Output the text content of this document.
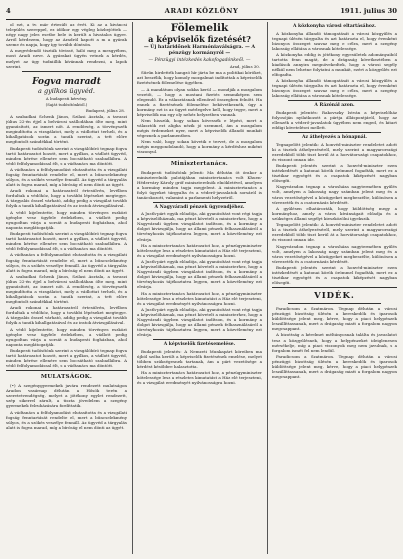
4	ARADI KÖZLÖNY	1911. julius 30

ol ezt, a tv. már értesült az évét. Ki az a kiváncsi település szereppel, ez időkor egy végleg közbejöttek — négy nagy jeles esetbe bele is került a hivatalos ügyre. Arról kérdezem, hogy az Aradról kapott a m a gyárak szeme és napja, hogy így tovább döntsön.

A megvédendő tiszták tövissé, háló meg a mesgyében, most Aradi neve. A gyárakat ügyén vetnek a kérdés, melyet az ügy tudniillik kívánnak rendezni, a lapok szerint.

Fogva maradt
a gyilkos ügyvéd.
A budapesti kérvény.
(Saját tudósítónktól.)
Budapest, július 28.

A szabadkai Schenk János, Szilasi Asztala, a tavaszi július 22-én éjjel a belvárosi szállodában ölte meg, mint gyanúsított, az ismert nőt. A rendőrség, a törvényszék megindította a vizsgálatot, mely a vádlottat terheli, és a kihallgatások során a tanúk szerint, a tett előre megfontolt szándékkal történt.

Budapesti tudósítónk szerint a vizsgálóbíró tegnap fogva tartó határozatot hozott, mert a gyilkos, a vádlott ügyvéd, minden kérése ellenére sem bocsátható szabadlábra. A védő felfolyamodással élt, s a vádtanács ma döntött.

A vádtanács a felfolyamodást elutasította és a vizsgálati fogság fenntartását rendelte el, mert a bűncselekmény súlyos, és a szökés veszélye fennáll. Az ügyvéd a tárgyalás alatt is fogva marad, míg a bíróság el nem dönti az ügyét.

Aradi rokonai a határozatról értesülvén, levélben fordultak a védőhöz, hogy a további lépéseket megtegye. A tárgyalás ősszel várható, addig pedig a vizsgálat tovább folyik a tanúk kihallgatásával és az iratok átvizsgálásával.

A védő kijelentette, hogy minden törvényes eszközt igénybe vesz ügyfele érdekében, a vádlott pedig nyugodtan várja a sorsát a budapesti fogházban, ahol naponta meglátogatják.

Budapesti tudósítónk szerint a vizsgálóbíró tegnap fogva tartó határozatot hozott, mert a gyilkos, a vádlott ügyvéd, minden kérése ellenére sem bocsátható szabadlábra. A védő felfolyamodással élt, s a vádtanács ma döntött.

A vádtanács a felfolyamodást elutasította és a vizsgálati fogság fenntartását rendelte el, mert a bűncselekmény súlyos, és a szökés veszélye fennáll. Az ügyvéd a tárgyalás alatt is fogva marad, míg a bíróság el nem dönti az ügyét.

A szabadkai Schenk János, Szilasi Asztala, a tavaszi július 22-én éjjel a belvárosi szállodában ölte meg, mint gyanúsított, az ismert nőt. A rendőrség, a törvényszék megindította a vizsgálatot, mely a vádlottat terheli, és a kihallgatások során a tanúk szerint, a tett előre megfontolt szándékkal történt.

Aradi rokonai a határozatról értesülvén, levélben fordultak a védőhöz, hogy a további lépéseket megtegye. A tárgyalás ősszel várható, addig pedig a vizsgálat tovább folyik a tanúk kihallgatásával és az iratok átvizsgálásával.

A védő kijelentette, hogy minden törvényes eszközt igénybe vesz ügyfele érdekében, a vádlott pedig nyugodtan várja a sorsát a budapesti fogházban, ahol naponta meglátogatják.

Budapesti tudósítónk szerint a vizsgálóbíró tegnap fogva tartó határozatot hozott, mert a gyilkos, a vádlott ügyvéd, minden kérése ellenére sem bocsátható szabadlábra. A védő felfolyamodással élt, s a vádtanács ma döntött.

MULATSÁGOK.

(•) A szegénygyermekek javára rendezett mulatságon Aradon vasárnap délután a Hősök terén a szeretetvendégség, melyet a jótékony egylet rendezett, szép sikerrel zárult, a tiszta jövedelem a szegény gyermekek felruházására fordíttatik.

A vádtanács a felfolyamodást elutasította és a vizsgálati fogság fenntartását rendelte el, mert a bűncselekmény súlyos, és a szökés veszélye fennáll. Az ügyvéd a tárgyalás alatt is fogva marad, míg a bíróság el nem dönti az ügyét.

Fölemelik
a képviselők fizetését?
— Új határidőnek Harmóniaválságra. — A pénzügy kormányról —
— Pénzügyi intézkedés kakofogadónkeől. —
Arad, július 30.

Sűrűn hirdették hangzó hír járta be ma a politikai köröket, azt beszélik, hogy komoly mozgalmat indítottak a képviselők fizetésének fölemelése ügyében.

— A mandátum olyan sokba kerül — mondják a mozgalom vezetői, — hogy a mostani fizetés semmiképen sem elegendő. Ez a választásnak ellenőrző összegben felnőtt. Ha ennek a fizetésének fölemelése bekövetkeznék, úgy a kormány ezt is az ügyet mérlegelve kell, hogy tegye, mert a képviselők ma egy oly nehéz helyzetben vannak.

Nem hisszük, hogy sokan kövessék e lépést, mert a választók ezt aligha nézik jó szemmel, ám a mozgalom mégis érdemeket nyer, mert a képviselők állandó munkát végeznek a parlamentben.

Nem való, hogy sokan követik e tervet, de a mozgalom mégis meggondolandó, hogy a kormány a kérdéshez miként viszonyul.

Minisztertanács.

Budapesti tudósítónk jelenti: Ma délután öt órakor a miniszterelnök palotájában minisztertanács volt Khuen-Héderváry Károly gróf miniszterelnök elnökletével, amelyen a kormány minden tagja megjelent. A minisztertanács a folyó ügyeket tárgyalta és a véderő-javaslatok sorsáról is tanácskozott, valamint a parlamenti helyzetről.

A Nagyváradi pénzek ügyrendjéhez.

A Justh-párt egyik előadója, aki gyanúsítást vont régi tagja a képviselőháznak, ma pénzt követelt a miniszterhez, hogy a Nagyváradi ügyben vizsgálatot indítson, és a kormány a dolgot kivizsgálja, hogy az állami pénzek felhasználásáról a törvényhozás tájékoztatva legyen, mert a közvélemény ezt elvárja.

Ha a minisztertanács határozatot hoz, a pénzügyminiszter kötelessége lesz a részletes kimutatást a Ház elé terjeszteni, és a vizsgálat eredményét nyilvánosságra hozni.

A Justh-párt egyik előadója, aki gyanúsítást vont régi tagja a képviselőháznak, ma pénzt követelt a miniszterhez, hogy a Nagyváradi ügyben vizsgálatot indítson, és a kormány a dolgot kivizsgálja, hogy az állami pénzek felhasználásáról a törvényhozás tájékoztatva legyen, mert a közvélemény ezt elvárja.

Ha a minisztertanács határozatot hoz, a pénzügyminiszter kötelessége lesz a részletes kimutatást a Ház elé terjeszteni, és a vizsgálat eredményét nyilvánosságra hozni.

A Justh-párt egyik előadója, aki gyanúsítást vont régi tagja a képviselőháznak, ma pénzt követelt a miniszterhez, hogy a Nagyváradi ügyben vizsgálatot indítson, és a kormány a dolgot kivizsgálja, hogy az állami pénzek felhasználásáról a törvényhozás tájékoztatva legyen, mert a közvélemény ezt elvárja.

A képviselők fizetésemelése.

Budapesti jelentés: A Nemzeti Munkapárt köreiben ma újból szóba került a képviselők fizetésének emelése, melyet többen szükségesnek tartanak, ám a párt vezetősége a kérdést későbbre halasztotta.

Ha a minisztertanács határozatot hoz, a pénzügyminiszter kötelessége lesz a részletes kimutatást a Ház elé terjeszteni, és a vizsgálat eredményét nyilvánosságra hozni.

A közkonyha városi eltartásához.

A közkonyha állandó támogatását a városi közgyűlés a tegnapi ülésén tárgyalta és azt határozta el, hogy évenként bizonyos összeget szavaz meg e célra, mert a szegény lakosság ellátása a városnak kötelessége.

A közkonyha eddig is jótékony egyesületek adományaiból tartotta fenn magát, de a drágaság következtében a kiadások annyira megnövekedtek, hogy a városi segély nélkül nem lehetne folytatni a munkát, ezért a közgyűlés ezt elfogadta.

A közkonyha állandó támogatását a városi közgyűlés a tegnapi ülésén tárgyalta és azt határozta el, hogy évenként bizonyos összeget szavaz meg e célra, mert a szegény lakosság ellátása a városnak kötelessége.

A Rázónál azon.

Budapesti jelentés: Rakovszky István a képviselőház folyosóján nyilatkozott a pártja álláspontjáról, hogy az ellenzék a véderő-javaslatok ügyében nem enged, és kitart eddigi követelései mellett.

Az áthelyezés a hónapnál.

Tegnapelőtt jelentik: A honvéd-miniszter rendeletet adott ki a tisztek áthelyezéséről, mely szerint a magyarországi ezredekből több tiszt kerül át a horvátországi csapatokhoz, és viszont onnan ide.

Budapesti jelentés szerint a honvéd-miniszter ezen intézkedését a katonai körök örömmel fogadták, mert ez a tisztikar egységét és a csapatok kiképzését nagyban elősegíti.

Nagyváradon tegnap a városháza nagytermében gyűlés volt, amelyen a lakosság nagy számban jelent meg és a város vezetőségével a közügyeket megbeszélte, különösen a vízvezeték és a csatornázás kérdését.

A gyűlésen elhatározták, hogy küldöttség megy a kormányhoz, amely a város kívánságait előadja és a szükséges állami segélyt kieszközölni igyekszik.

Tegnapelőtt jelentik: A honvéd-miniszter rendeletet adott ki a tisztek áthelyezéséről, mely szerint a magyarországi ezredekből több tiszt kerül át a horvátországi csapatokhoz, és viszont onnan ide.

Nagyváradon tegnap a városháza nagytermében gyűlés volt, amelyen a lakosság nagy számban jelent meg és a város vezetőségével a közügyeket megbeszélte, különösen a vízvezeték és a csatornázás kérdését.

Budapesti jelentés szerint a honvéd-miniszter ezen intézkedését a katonai körök örömmel fogadták, mert ez a tisztikar egységét és a csapatok kiképzését nagyban elősegíti.

VIDÉK.

Paradicsom a Szatmáron. Tegnap délután a városi pénzügyi bizottság ülésén a kereskedők és iparosok küldöttsége jelent meg, kérve, hogy a piaci helypénzek leszállíttassanak, mert a drágaság miatt a forgalom nagyon megcsappant.

A bizottság a kérelmet méltányosnak találta és javaslatot tesz a közgyűlésnek, hogy a helypénzeket ideiglenesen mérsékelje, míg a piaci viszonyok meg nem javulnak, s a forgalom ismét fel nem lendül.

Paradicsom a Szatmáron. Tegnap délután a városi pénzügyi bizottság ülésén a kereskedők és iparosok küldöttsége jelent meg, kérve, hogy a piaci helypénzek leszállíttassanak, mert a drágaság miatt a forgalom nagyon megcsappant.
